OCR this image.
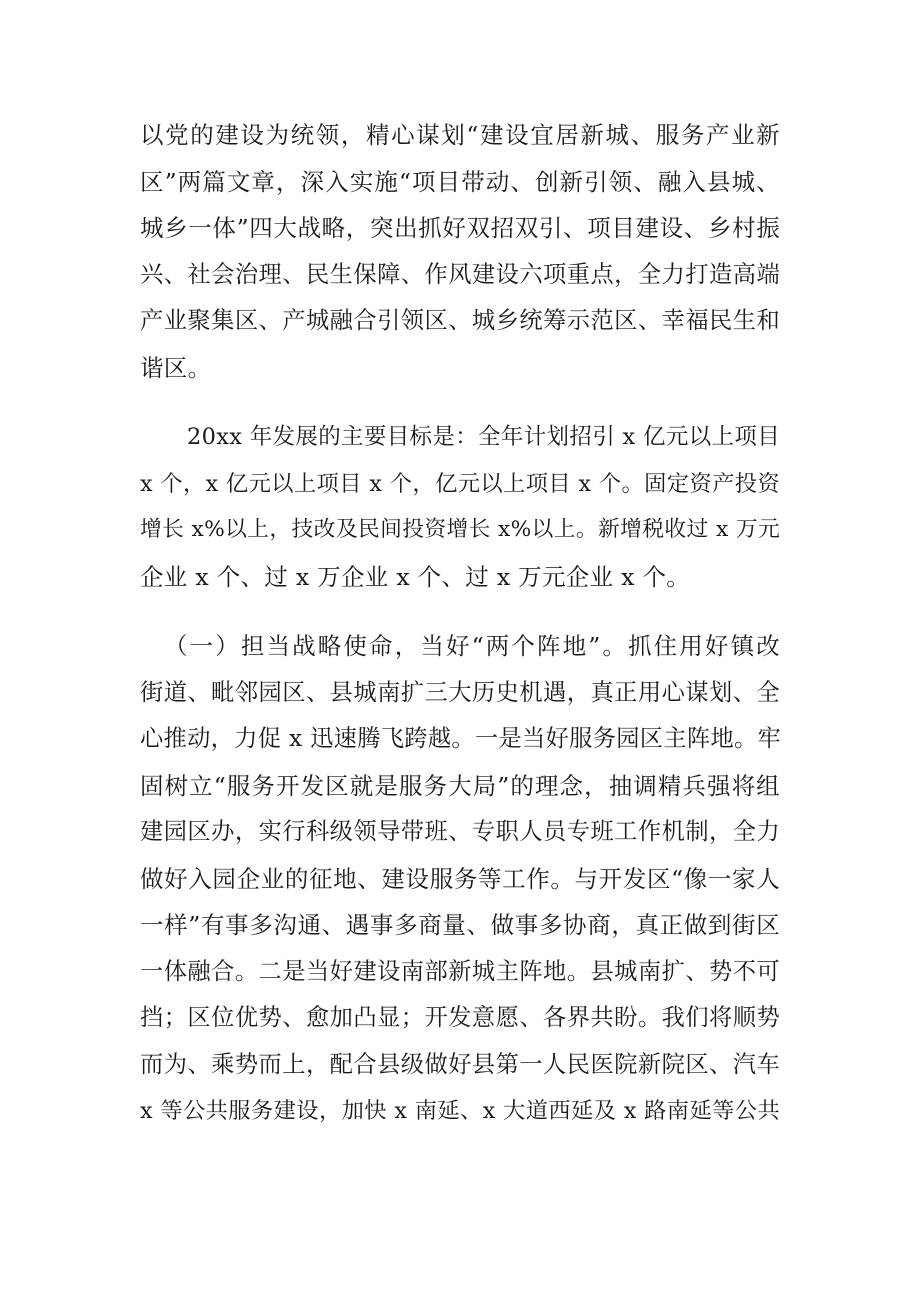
以党的建设为统领，精心谋划“建设宜居新城、服务产业新
区”两篇文章，深入实施“项目带动、创新引领、融入县城、
城乡一体”四大战略，突出抓好双招双引、项目建设、乡村振
兴、社会治理、民生保障、作风建设六项重点，全力打造高端
产业聚集区、产城融合引领区、城乡统筹示范区、幸福民生和
谐区。
20xx 年发展的主要目标是：全年计划招引 x 亿元以上项目
x 个，x 亿元以上项目 x 个，亿元以上项目 x 个。固定资产投资
增长 x%以上，技改及民间投资增长 x%以上。新增税收过 x 万元
企业 x 个、过 x 万企业 x 个、过 x 万元企业 x 个。
（一）担当战略使命，当好“两个阵地”。抓住用好镇改
街道、毗邻园区、县城南扩三大历史机遇，真正用心谋划、全
心推动，力促 x 迅速腾飞跨越。一是当好服务园区主阵地。牢
固树立“服务开发区就是服务大局”的理念，抽调精兵强将组
建园区办，实行科级领导带班、专职人员专班工作机制，全力
做好入园企业的征地、建设服务等工作。与开发区“像一家人
一样”有事多沟通、遇事多商量、做事多协商，真正做到街区
一体融合。二是当好建设南部新城主阵地。县城南扩、势不可
挡；区位优势、愈加凸显；开发意愿、各界共盼。我们将顺势
而为、乘势而上，配合县级做好县第一人民医院新院区、汽车
x 等公共服务建设，加快 x 南延、x 大道西延及 x 路南延等公共
